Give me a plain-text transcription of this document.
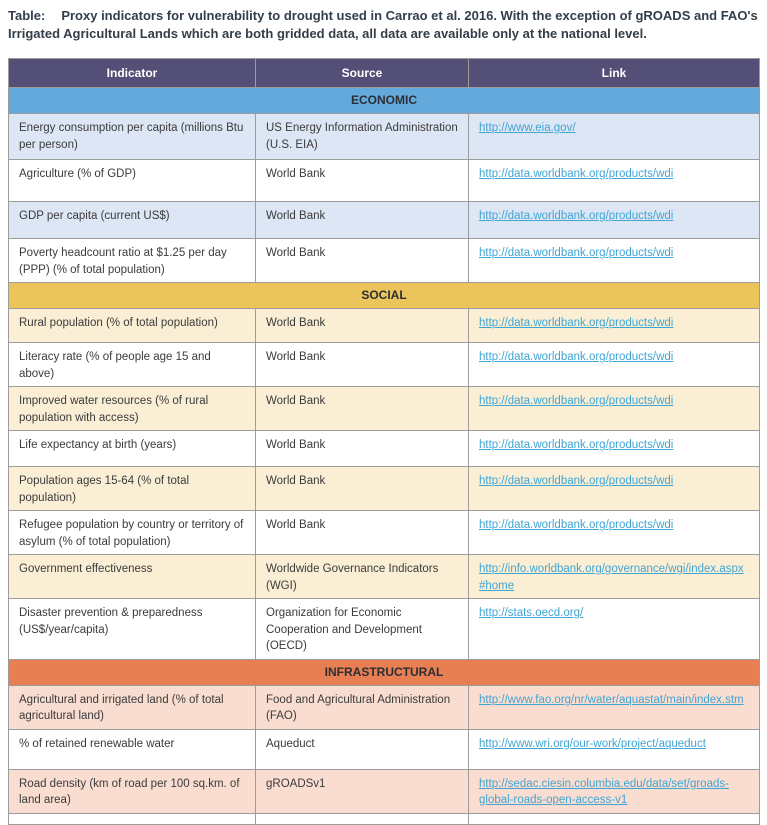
Table: Proxy indicators for vulnerability to drought used in Carrao et al. 2016. With the exception of gROADS and FAO's Irrigated Agricultural Lands which are both gridded data, all data are available only at the national level.
Indicator	Source	Link
ECONOMIC		
Energy consumption per capita (millions Btu per person)	US Energy Information Administration (U.S. EIA)	http://www.eia.gov/
Agriculture (% of GDP)	World Bank	http://data.worldbank.org/products/wdi
GDP per capita (current US$)	World Bank	http://data.worldbank.org/products/wdi
Poverty headcount ratio at $1.25 per day (PPP) (% of total population)	World Bank	http://data.worldbank.org/products/wdi
SOCIAL		
Rural population (% of total population)	World Bank	http://data.worldbank.org/products/wdi
Literacy rate (% of people age 15 and above)	World Bank	http://data.worldbank.org/products/wdi
Improved water resources (% of rural population with access)	World Bank	http://data.worldbank.org/products/wdi
Life expectancy at birth (years)	World Bank	http://data.worldbank.org/products/wdi
Population ages 15-64 (% of total population)	World Bank	http://data.worldbank.org/products/wdi
Refugee population by country or territory of asylum (% of total population)	World Bank	http://data.worldbank.org/products/wdi
Government effectiveness	Worldwide Governance Indicators (WGI)	http://info.worldbank.org/governance/wgi/index.aspx#home
Disaster prevention & preparedness (US$/year/capita)	Organization for Economic Cooperation and Development (OECD)	http://stats.oecd.org/
INFRASTRUCTURAL		
Agricultural and irrigated land (% of total agricultural land)	Food and Agricultural Administration (FAO)	http://www.fao.org/nr/water/aquastat/main/index.stm
% of retained renewable water	Aqueduct	http://www.wri.org/our-work/project/aqueduct
Road density (km of road per 100 sq.km. of land area)	gROADSv1	http://sedac.ciesin.columbia.edu/data/set/groads-global-roads-open-access-v1
